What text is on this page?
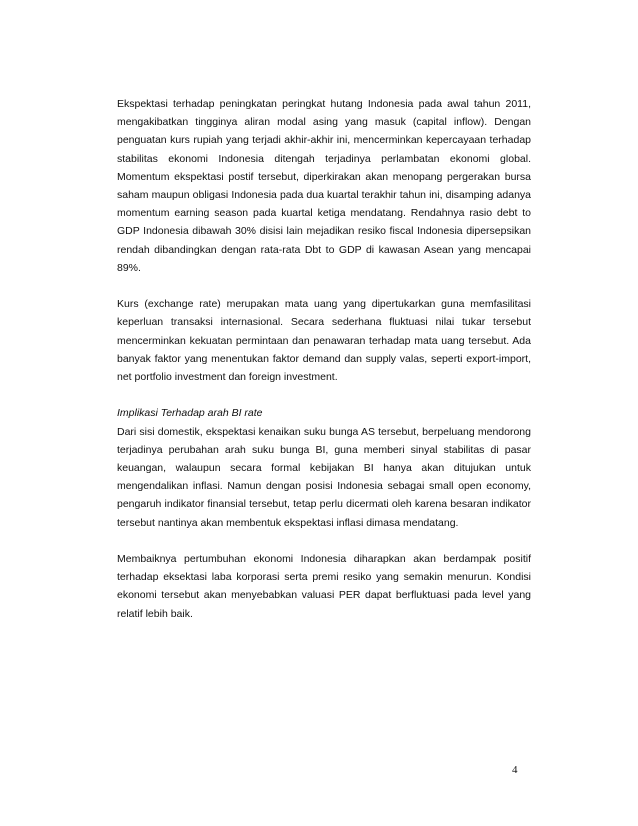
Ekspektasi terhadap peningkatan peringkat hutang Indonesia pada awal tahun 2011, mengakibatkan tingginya aliran modal asing yang masuk (capital inflow). Dengan penguatan kurs rupiah yang terjadi akhir-akhir ini, mencerminkan kepercayaan terhadap stabilitas ekonomi Indonesia ditengah terjadinya perlambatan ekonomi global. Momentum ekspektasi postif tersebut, diperkirakan akan menopang pergerakan bursa saham maupun obligasi Indonesia pada dua kuartal terakhir tahun ini, disamping adanya momentum earning season pada kuartal ketiga mendatang. Rendahnya rasio debt to GDP Indonesia dibawah 30% disisi lain mejadikan resiko fiscal Indonesia dipersepsikan rendah dibandingkan dengan rata-rata Dbt to GDP di kawasan Asean yang mencapai 89%.

Kurs (exchange rate) merupakan mata uang yang dipertukarkan guna memfasilitasi keperluan transaksi internasional. Secara sederhana fluktuasi nilai tukar tersebut mencerminkan kekuatan permintaan dan penawaran terhadap mata uang tersebut. Ada banyak faktor yang menentukan faktor demand dan supply valas, seperti export-import, net portfolio investment dan foreign investment.

Implikasi Terhadap arah BI rate

Dari sisi domestik, ekspektasi kenaikan suku bunga AS tersebut, berpeluang mendorong terjadinya perubahan arah suku bunga BI, guna memberi sinyal stabilitas di pasar keuangan, walaupun secara formal kebijakan BI hanya akan ditujukan untuk mengendalikan inflasi. Namun dengan posisi Indonesia sebagai small open economy, pengaruh indikator finansial tersebut, tetap perlu dicermati oleh karena besaran indikator tersebut nantinya akan membentuk ekspektasi inflasi dimasa mendatang.

Membaiknya pertumbuhan ekonomi Indonesia diharapkan akan berdampak positif terhadap eksektasi laba korporasi serta premi resiko yang semakin menurun. Kondisi ekonomi tersebut akan menyebabkan valuasi PER dapat berfluktuasi pada level yang relatif lebih baik.

4
